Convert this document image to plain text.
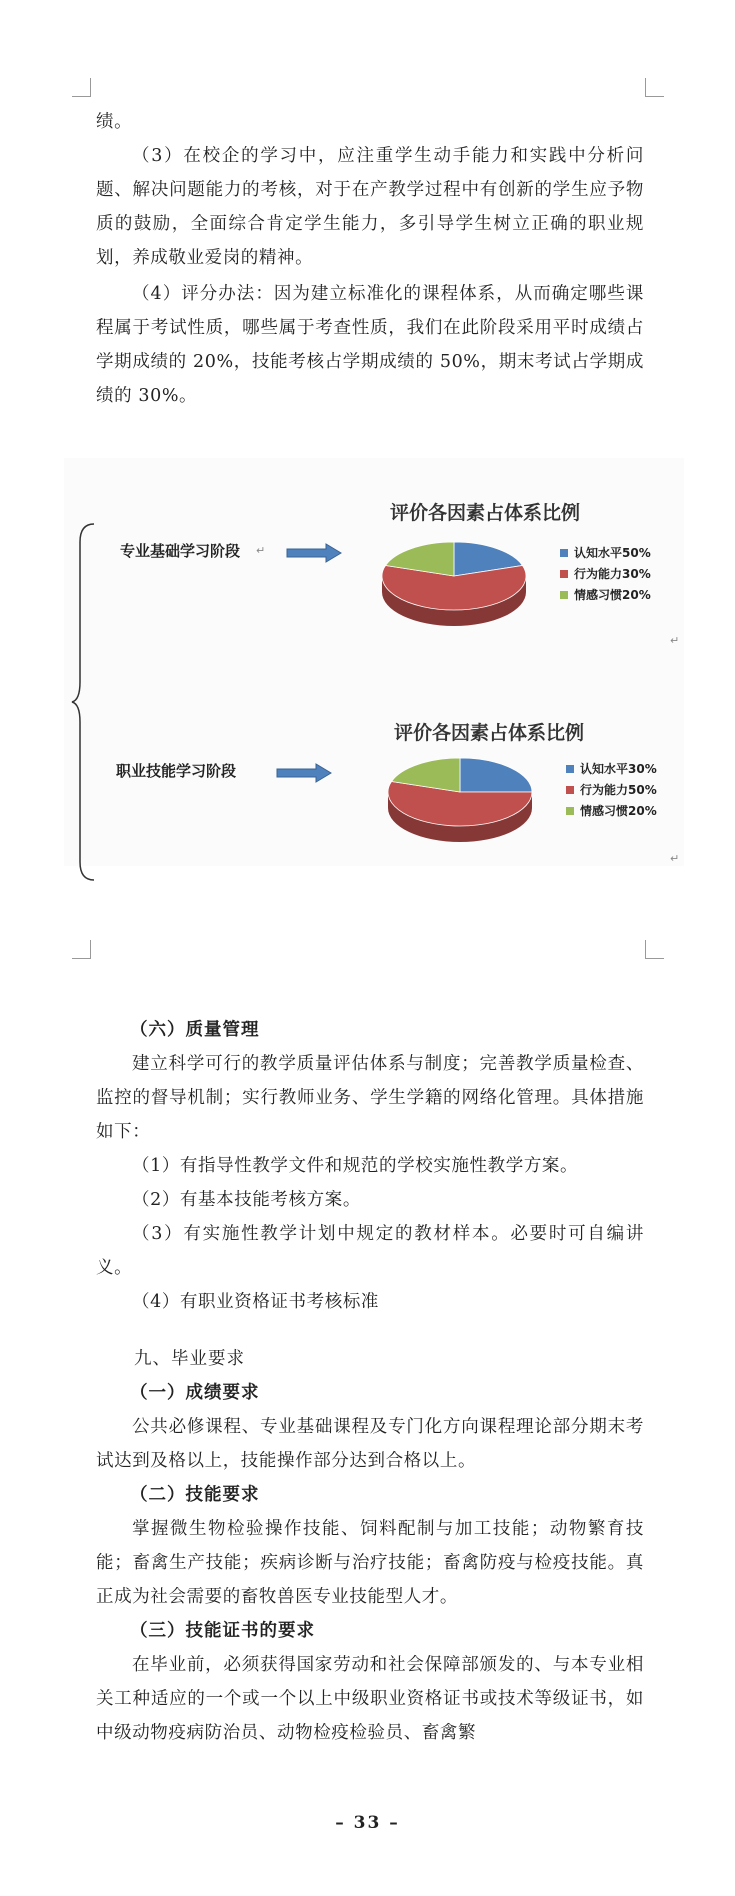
绩。

（3）在校企的学习中，应注重学生动手能力和实践中分析问题、解决问题能力的考核，对于在产教学过程中有创新的学生应予物质的鼓励，全面综合肯定学生能力，多引导学生树立正确的职业规划，养成敬业爱岗的精神。

（4）评分办法：因为建立标准化的课程体系，从而确定哪些课程属于考试性质，哪些属于考查性质，我们在此阶段采用平时成绩占学期成绩的 20%，技能考核占学期成绩的 50%，期末考试占学期成绩的 30%。

专业基础学习阶段 ↵
职业技能学习阶段
评价各因素占体系比例
认知水平50%
行为能力30%
情感习惯20%
↵
评价各因素占体系比例
认知水平30%
行为能力50%
情感习惯20%
↵

（六）质量管理

建立科学可行的教学质量评估体系与制度；完善教学质量检查、监控的督导机制；实行教师业务、学生学籍的网络化管理。具体措施如下：

（1）有指导性教学文件和规范的学校实施性教学方案。

（2）有基本技能考核方案。

（3）有实施性教学计划中规定的教材样本。必要时可自编讲义。

（4）有职业资格证书考核标准

九、毕业要求

（一）成绩要求

公共必修课程、专业基础课程及专门化方向课程理论部分期末考试达到及格以上，技能操作部分达到合格以上。

（二）技能要求

掌握微生物检验操作技能、饲料配制与加工技能；动物繁育技能；畜禽生产技能；疾病诊断与治疗技能；畜禽防疫与检疫技能。真正成为社会需要的畜牧兽医专业技能型人才。

（三）技能证书的要求

在毕业前，必须获得国家劳动和社会保障部颁发的、与本专业相关工种适应的一个或一个以上中级职业资格证书或技术等级证书，如中级动物疫病防治员、动物检疫检验员、畜禽繁

– 33 –
